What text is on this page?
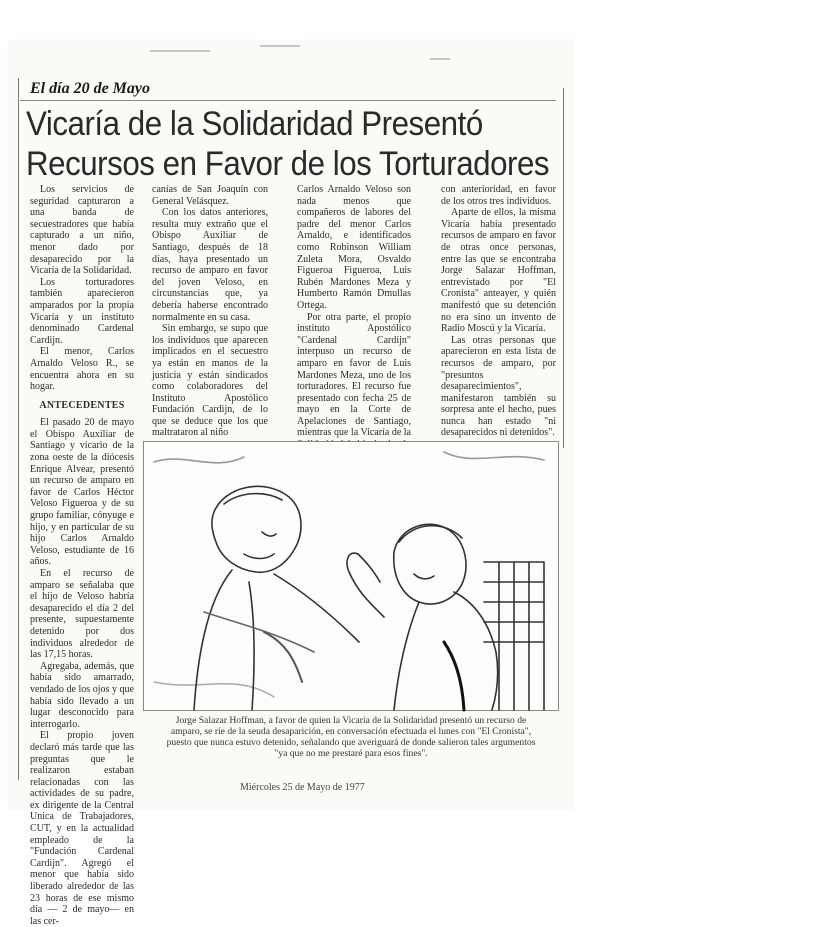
El día 20 de Mayo
Vicaría de la Solidaridad Presentó
Recursos en Favor de los Torturadores

Los servicios de seguridad capturaron a una banda de secuestradores que había capturado a un niño, menor dado por desaparecido por la Vicaría de la Solidaridad.

Los torturadores también aparecieron amparados por la propia Vicaría y un instituto denominado Cardenal Cardijn.

El menor, Carlos Arnaldo Veloso R., se encuentra ahora en su hogar.

ANTECEDENTES

El pasado 20 de mayo el Obispo Auxiliar de Santiago y vicario de la zona oeste de la diócesis Enrique Alvear, presentó un recurso de amparo en favor de Carlos Héctor Veloso Figueroa y de su grupo familiar, cónyuge e hijo, y en particular de su hijo Carlos Arnaldo Veloso, estudiante de 16 años.

En el recurso de amparo se señalaba que el hijo de Veloso habría desaparecido el día 2 del presente, supuestamente detenido por dos individuos alrededor de las 17,15 horas.

Agregaba, además, que había sido amarrado, vendado de los ojos y que había sido llevado a un lugar desconocido para interrogarlo.

El propio joven declaró más tarde que las preguntas que le realizaron estaban relacionadas con las actividades de su padre, ex dirigente de la Central Unica de Trabajadores, CUT, y en la actualidad empleado de la "Fundación Cardenal Cardijn". Agregó el menor que había sido liberado alrededor de las 23 horas de ese mismo día — 2 de mayo— en las cer-

canías de San Joaquín con General Velásquez.

Con los datos anteriores, resulta muy extraño que el Obispo Auxiliar de Santiago, después de 18 días, haya presentado un recurso de amparo en favor del joven Veloso, en circunstancias que, ya debería haberse encontrado normalmente en su casa.

Sin embargo, se supo que los individuos que aparecen implicados en el secuestro ya están en manos de la justicia y están sindicados como colaboradores del Instituto Apostólico Fundación Cardijn, de lo que se deduce que los que maltrataron al niño

Carlos Arnaldo Veloso son nada menos que compañeros de labores del padre del menor Carlos Arnaldo, e identificados como Robinson William Zuleta Mora, Osvaldo Figueroa Figueroa, Luis Rubén Mardones Meza y Humberto Ramón Dmullas Ortega.

Por otra parte, el propio instituto Apostólico "Cardenal Cardijn" interpuso un recurso de amparo en favor de Luis Mardones Meza, uno de los torturadores. El recurso fue presentado con fecha 25 de mayo en la Corte de Apelaciones de Santiago, mientras que la Vicaría de la

con anterioridad, en favor de los otros tres individuos.

Aparte de ellos, la misma Vicaría había presentado recursos de amparo en favor de otras once personas, entre las que se encontraba Jorge Salazar Hoffman, entrevistado por "El Cronista" anteayer, y quién manifestó que su detención no era sino un invento de Radio Moscú y la Vicaría.

Las otras personas que aparecieron en esta lista de recursos de amparo, por "presuntos desaparecimientos", manifestaron también su sorpresa ante el hecho, pues nunca han estado "ni desaparecidos ni detenidos".

Jorge Salazar Hoffman, a favor de quien la Vicaría de la Solidaridad presentó un recurso de amparo, se ríe de la seuda desaparición, en conversación efectuada el lunes con "El Cronista", puesto que nunca estuvo detenido, señalando que averiguará de donde salieron tales argumentos "ya que no me prestaré para esos fines".
Miércoles 25 de Mayo de 1977
